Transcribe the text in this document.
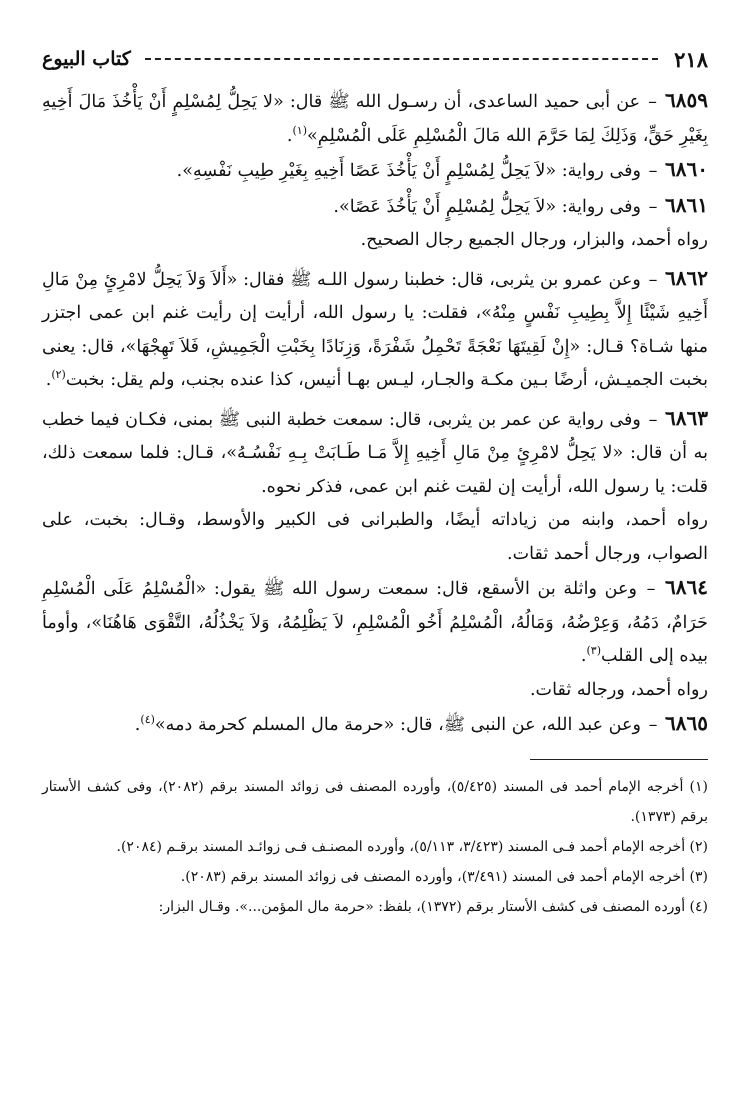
٢١٨
كتاب البيوع

٦٨٥٩ – عن أبى حميد الساعدى، أن رسـول الله ﷺ قال: «لا يَحِلُّ لِمُسْلِمٍ أَنْ يَأْخُذَ مَالَ أَخِيهِ بِغَيْرِ حَقٍّ، وَذَلِكَ لِمَا حَرَّمَ الله مَالَ الْمُسْلِمِ عَلَى الْمُسْلِمِ»$^{(١)}$.

٦٨٦٠ – وفى رواية: «لاَ يَحِلُّ لِمُسْلِمٍ أَنْ يَأْخُذَ عَصًا أَخِيهِ بِغَيْرِ طِيبِ نَفْسِهِ».

٦٨٦١ – وفى رواية: «لاَ يَحِلُّ لِمُسْلِمٍ أَنْ يَأْخُذَ عَصًا».

رواه أحمد، والبزار، ورجال الجميع رجال الصحيح.

٦٨٦٢ – وعن عمرو بن يثربى، قال: خطبنا رسول اللـه ﷺ فقال: «أَلاَ وَلاَ يَحِلُّ لامْرِئٍ مِنْ مَالِ أَخِيهِ شَيْئًا إِلاَّ بِطِيبِ نَفْسٍ مِنْهُ»، فقلت: يا رسول الله، أرأيت إن رأيت غنم ابن عمى اجتزر منها شـاة؟ قـال: «إِنْ لَقِيتَهَا نَعْجَةً تَحْمِلُ شَفْرَةً، وَزِنَادًا بِخَبْتِ الْجَمِيشِ، فَلاَ تَهِجْهَا»، قال: يعنى بخبت الجميـش، أرضًا بـين مكـة والجـار، ليـس بهـا أنيس، كذا عنده بجنب، ولم يقل: بخبت$^{(٢)}$.

٦٨٦٣ – وفى رواية عن عمر بن يثربى، قال: سمعت خطبة النبى ﷺ بمنى، فكـان فيما خطب به أن قال: «لا يَحِلُّ لامْرِئٍ مِنْ مَالِ أَخِيهِ إِلاَّ مَـا طَـابَتْ بِـهِ نَفْسُـهُ»، قـال: فلما سمعت ذلك، قلت: يا رسول الله، أرأيت إن لقيت غنم ابن عمى، فذكر نحوه.

رواه أحمد، وابنه من زياداته أيضًا، والطبرانى فى الكبير والأوسط، وقـال: بخبت، على الصواب، ورجال أحمد ثقات.

٦٨٦٤ – وعن واثلة بن الأسقع، قال: سمعت رسول الله ﷺ يقول: «الْمُسْلِمُ عَلَى الْمُسْلِمِ حَرَامٌ، دَمُهُ، وَعِرْضُهُ، وَمَالُهُ، الْمُسْلِمُ أَخُو الْمُسْلِمِ، لاَ يَظْلِمُهُ، وَلاَ يَخْذُلُهُ، التَّقْوَى هَاهُنَا»، وأومأ بيده إلى القلب$^{(٣)}$.

رواه أحمد، ورجاله ثقات.

٦٨٦٥ – وعن عبد الله، عن النبى ﷺ، قال: «حرمة مال المسلم كحرمة دمه»$^{(٤)}$.

(١) أخرجه الإمام أحمد فى المسند (٥/٤٢٥)، وأورده المصنف فى زوائد المسند برقم (٢٠٨٢)، وفى كشف الأستار برقم (١٣٧٣).

(٢) أخرجه الإمام أحمد فـى المسند (٣/٤٢٣، ٥/١١٣)، وأورده المصنـف فـى زوائـد المسند برقـم (٢٠٨٤).

(٣) أخرجه الإمام أحمد فى المسند (٣/٤٩١)، وأورده المصنف فى زوائد المسند برقم (٢٠٨٣).

(٤) أورده المصنف فى كشف الأستار برقم (١٣٧٢)، بلفظ: «حرمة مال المؤمن...». وقـال البزار:
